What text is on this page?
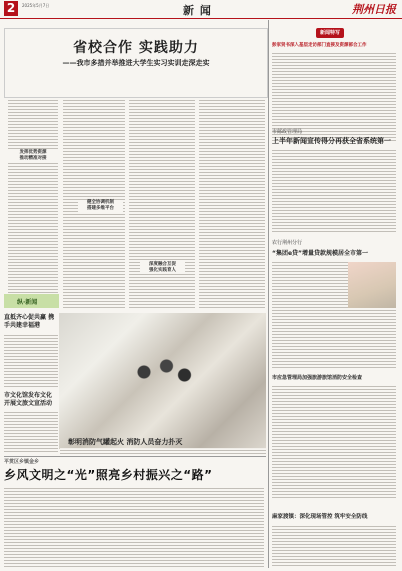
2	2025年5月7日	新 闻	荆州日报
省校合作 实践助力
——我市多措并举推进大学生实习实训走深走实
发挥优势资源
推动精准对接
健全协调机制
搭建多维平台
深度融合互促
强化实践育人
纵·新闻
直抵齐心促共赢 携手共建幸福港
市文化馆发布文化 开展文旅文宣活动
彰明消防气罐起火 消防人员奋力扑灭
平贯区乡镇金乡
乡风文明之“光”照亮乡村振兴之“路”
新闻特写
彭家贤书深入基层走访部门直接及资源部合工作
市邮政管理局
上半年新闻宣传得分再获全省系统第一
农行荆州分行
“集团e贷”增量贷款规模居全市第一
市应急管理局加强旅游旅馆消防安全检查
麻家渡镇：深化现场管控 筑牢安全防线
